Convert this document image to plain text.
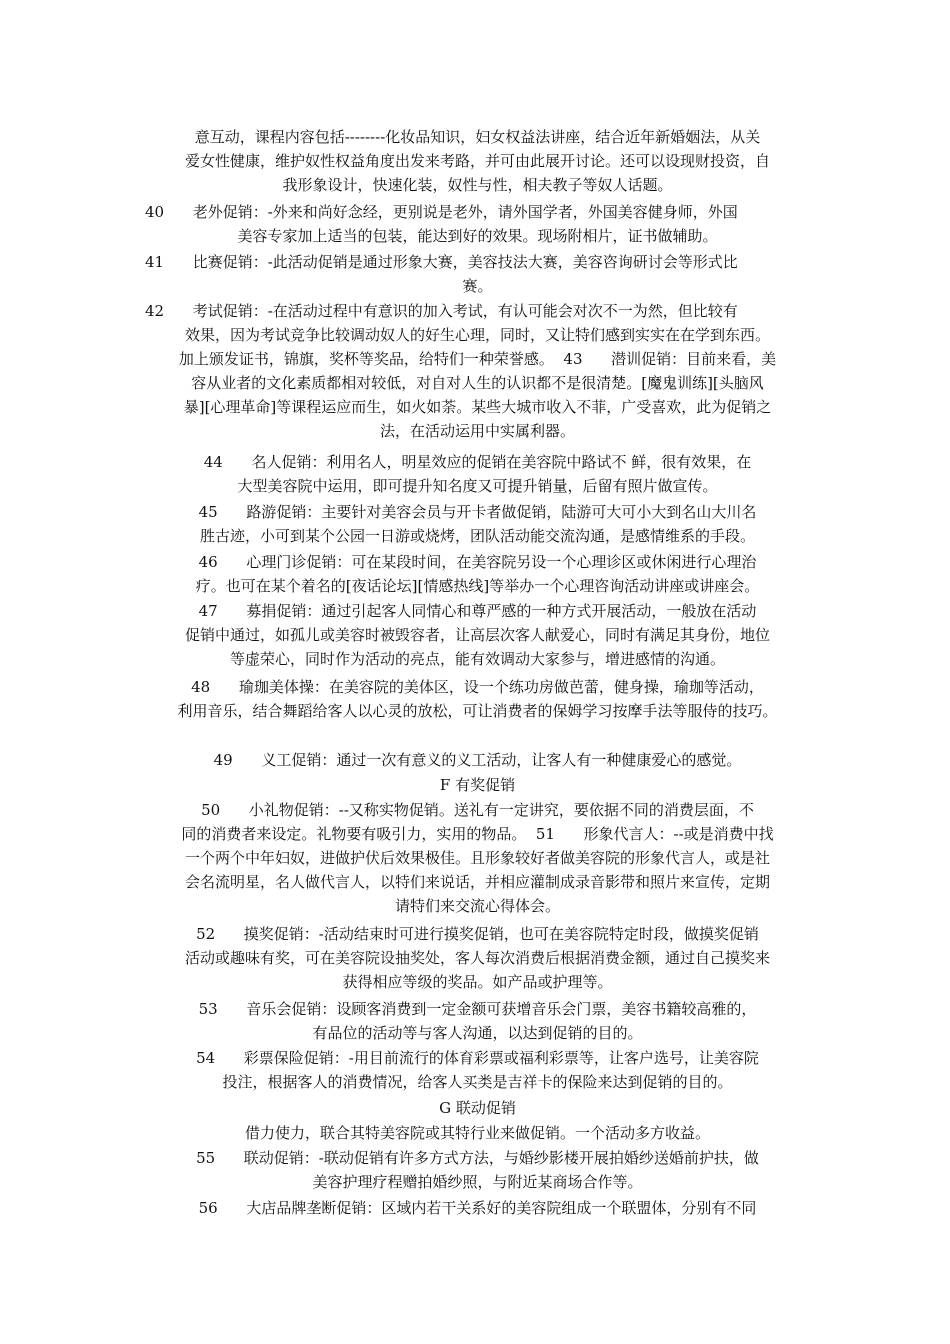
意互动，课程内容包括--------化妆品知识，妇女权益法讲座，结合近年新婚姻法，从关
爱女性健康，维护奴性权益角度出发来考路，并可由此展开讨论。还可以设现财投资，自
我形象设计，快速化装，奴性与性，相夫教子等奴人话题。

40      老外促销：-外来和尚好念经，更别说是老外，请外国学者，外国美容健身师，外国
美容专家加上适当的包装，能达到好的效果。现场附相片，证书做辅助。

41      比赛促销：-此活动促销是通过形象大赛，美容技法大赛，美容咨询研讨会等形式比
赛。

42      考试促销：-在活动过程中有意识的加入考试，有认可能会对次不一为然，但比较有
效果，因为考试竞争比较调动奴人的好生心理，同时，又让特们感到实实在在学到东西。
加上颁发证书，锦旗，奖杯等奖品，给特们一种荣誉感。  43      潜训促销：目前来看，美
容从业者的文化素质都相对较低，对自对人生的认识都不是很清楚。[魔鬼训练][头脑风
暴][心理革命]等课程运应而生，如火如荼。某些大城市收入不菲，广受喜欢，此为促销之
法，在活动运用中实属利器。

44      名人促销：利用名人，明星效应的促销在美容院中路试不 鲜，很有效果，在
大型美容院中运用，即可提升知名度又可提升销量，后留有照片做宣传。

45      路游促销：主要针对美容会员与开卡者做促销，陆游可大可小大到名山大川名
胜古迹，小可到某个公园一日游或烧烤，团队活动能交流沟通，是感情维系的手段。

46      心理门诊促销：可在某段时间，在美容院另设一个心理诊区或休闲进行心理治
疗。也可在某个着名的[夜话论坛][情感热线]等举办一个心理咨询活动讲座或讲座会。

47      募捐促销：通过引起客人同情心和尊严感的一种方式开展活动，一般放在活动
促销中通过，如孤儿或美容时被毁容者，让高层次客人献爱心，同时有满足其身份，地位
等虚荣心，同时作为活动的亮点，能有效调动大家参与，增进感情的沟通。

48      瑜珈美体操：在美容院的美体区，设一个练功房做芭蕾，健身操，瑜珈等活动，
利用音乐，结合舞蹈给客人以心灵的放松，可让消费者的保姆学习按摩手法等服侍的技巧。

49      义工促销：通过一次有意义的义工活动，让客人有一种健康爱心的感觉。

F 有奖促销

50      小礼物促销：--又称实物促销。送礼有一定讲究，要依据不同的消费层面，不
同的消费者来设定。礼物要有吸引力，实用的物品。  51      形象代言人：--或是消费中找
一个两个中年妇奴，进做护伏后效果极佳。且形象较好者做美容院的形象代言人，或是社
会名流明星，名人做代言人，以特们来说话，并相应灌制成录音影带和照片来宣传，定期
请特们来交流心得体会。

52      摸奖促销：-活动结束时可进行摸奖促销，也可在美容院特定时段，做摸奖促销
活动或趣味有奖，可在美容院设抽奖处，客人每次消费后根据消费金额，通过自己摸奖来
获得相应等级的奖品。如产品或护理等。

53      音乐会促销：设顾客消费到一定金额可获增音乐会门票，美容书籍较高雅的，
有品位的活动等与客人沟通，以达到促销的目的。

54      彩票保险促销：-用目前流行的体育彩票或福利彩票等，让客户选号，让美容院
投注，根据客人的消费情况，给客人买类是吉祥卡的保险来达到促销的目的。

G 联动促销

借力使力，联合其特美容院或其特行业来做促销。一个活动多方收益。

55      联动促销：-联动促销有许多方式方法，与婚纱影楼开展拍婚纱送婚前护扶，做
美容护理疗程赠拍婚纱照，与附近某商场合作等。

56      大店品牌垄断促销：区域内若干关系好的美容院组成一个联盟体，分别有不同
